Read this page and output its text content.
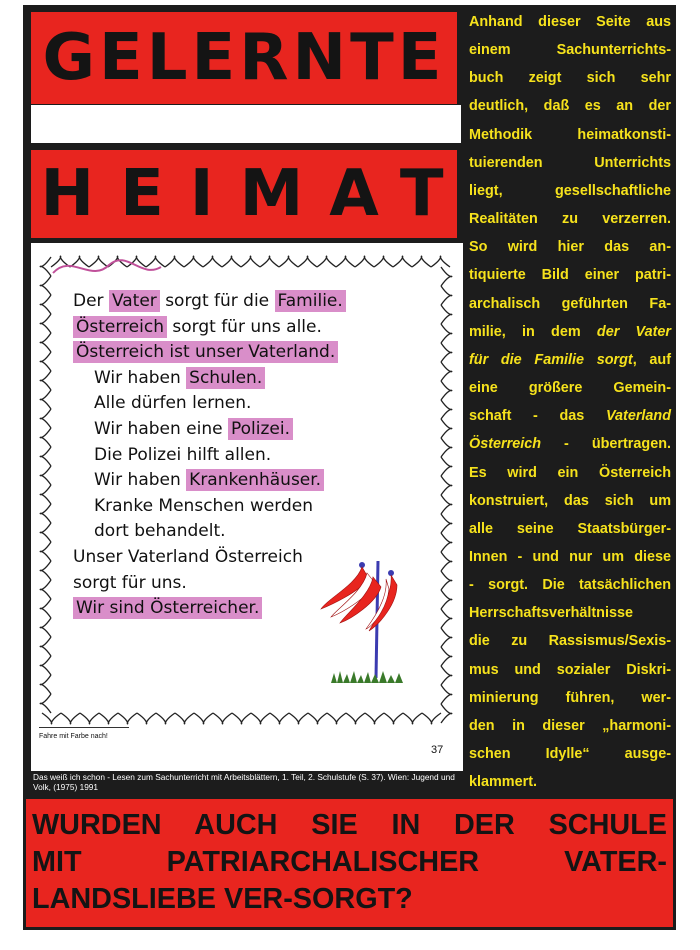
GELERNTE
HEIMAT
Der Vater sorgt für die Familie.
Österreich sorgt für uns alle.
Österreich ist unser Vaterland.
Wir haben Schulen.
Alle dürfen lernen.
Wir haben eine Polizei.
Die Polizei hilft allen.
Wir haben Krankenhäuser.
Kranke Menschen werden
dort behandelt.
Unser Vaterland Österreich
sorgt für uns.
Wir sind Österreicher.
Fahre mit Farbe nach!
37
Das weiß ich schon - Lesen zum Sachunterricht mit Arbeitsblättern, 1. Teil, 2. Schulstufe (S. 37). Wien: Jugend und Volk, (1975) 1991
Anhand dieser Seite aus
einem Sachunterrichts-
buch zeigt sich sehr
deutlich, daß es an der
Methodik heimatkonsti-
tuierenden Unterrichts
liegt, gesellschaftliche
Realitäten zu verzerren.
So wird hier das an-
tiquierte Bild einer patri-
archalisch geführten Fa-
milie, in dem der Vater
für die Familie sorgt, auf
eine größere Gemein-
schaft - das Vaterland
Österreich - übertragen.
Es wird ein Österreich
konstruiert, das sich um
alle seine Staatsbürger-
Innen - und nur um diese
- sorgt. Die tatsächlichen
Herrschaftsverhältnisse
die zu Rassismus/Sexis-
mus und sozialer Diskri-
minierung führen, wer-
den in dieser „harmoni-
schen Idylle“ ausge-
klammert.
WURDEN AUCH SIE IN DER SCHULE
MIT PATRIARCHALISCHER VATER-
LANDSLIEBE VER-SORGT?
